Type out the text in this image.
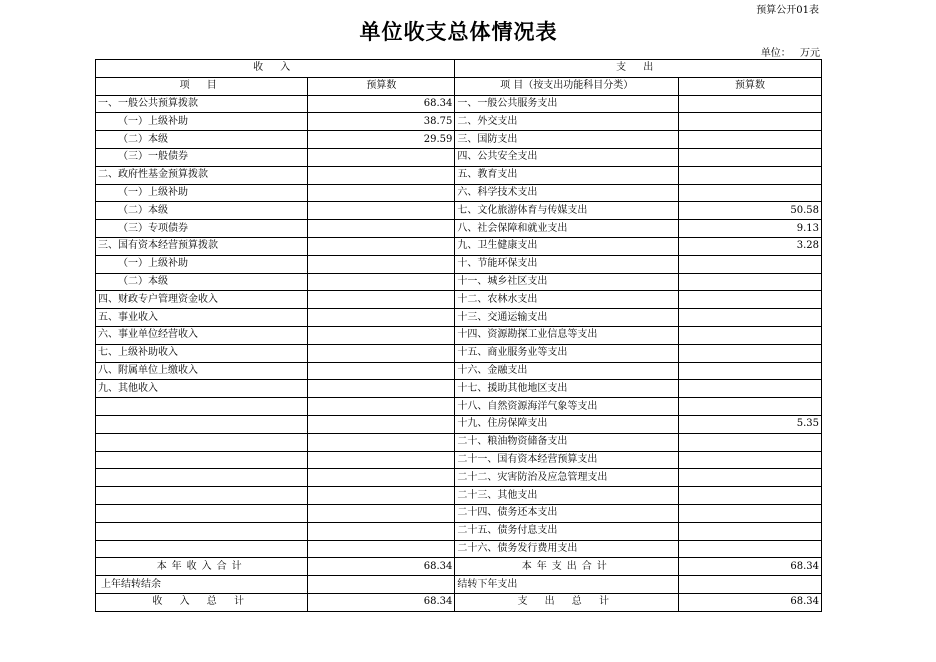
预算公开01表
单位收支总体情况表
单位： 万元
收 入		支 出	
项 目	预算数	项 目（按支出功能科目分类）	预算数
一、一般公共预算拨款	68.34	一、一般公共服务支出	
（一）上级补助	38.75	二、外交支出	
（二）本级	29.59	三、国防支出	
（三）一般债券		四、公共安全支出	
二、政府性基金预算拨款		五、教育支出	
（一）上级补助		六、科学技术支出	
（二）本级		七、文化旅游体育与传媒支出	50.58
（三）专项债券		八、社会保障和就业支出	9.13
三、国有资本经营预算拨款		九、卫生健康支出	3.28
（一）上级补助		十、节能环保支出	
（二）本级		十一、城乡社区支出	
四、财政专户管理资金收入		十二、农林水支出	
五、事业收入		十三、交通运输支出	
六、事业单位经营收入		十四、资源勘探工业信息等支出	
七、上级补助收入		十五、商业服务业等支出	
八、附属单位上缴收入		十六、金融支出	
九、其他收入		十七、援助其他地区支出	
		十八、自然资源海洋气象等支出	
		十九、住房保障支出	5.35
		二十、粮油物资储备支出	
		二十一、国有资本经营预算支出	
		二十二、灾害防治及应急管理支出	
		二十三、其他支出	
		二十四、债务还本支出	
		二十五、债务付息支出	
		二十六、债务发行费用支出	
本年收入合计	68.34	本年支出合计	68.34
上年结转结余		结转下年支出	
收 入 总 计	68.34	支 出 总 计	68.34
